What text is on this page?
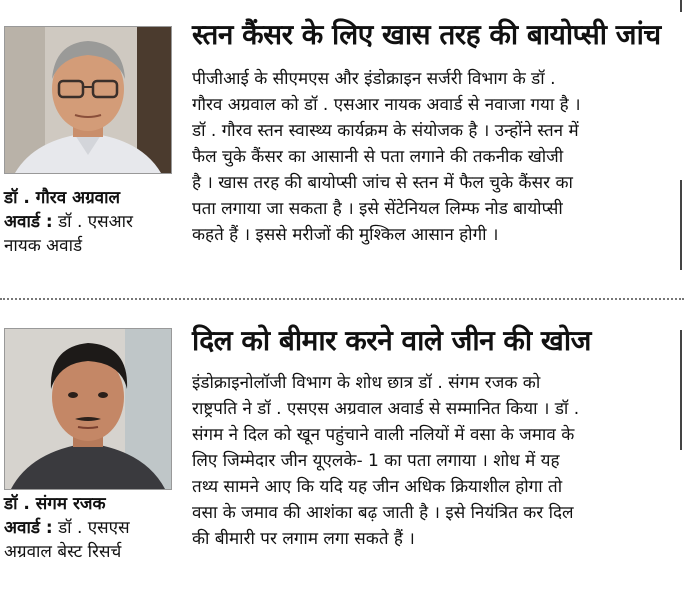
डॉ . गौरव अग्रवाल
अवार्ड : डॉ . एसआर
नायक अवार्ड
स्तन कैंसर के लिए खास तरह की बायोप्सी जांच
पीजीआई के सीएमएस और इंडोक्राइन सर्जरी विभाग के डॉ .
गौरव अग्रवाल को डॉ . एसआर नायक अवार्ड से नवाजा गया है ।
डॉ . गौरव स्तन स्वास्थ्य कार्यक्रम के संयोजक है । उन्होंने स्तन में
फैल चुके कैंसर का आसानी से पता लगाने की तकनीक खोजी
है । खास तरह की बायोप्सी जांच से स्तन में फैल चुके कैंसर का
पता लगाया जा सकता है । इसे सेंटेनियल लिम्फ नोड बायोप्सी
कहते हैं । इससे मरीजों की मुश्किल आसान होगी ।
डॉ . संगम रजक
अवार्ड : डॉ . एसएस
अग्रवाल बेस्ट रिसर्च
दिल को बीमार करने वाले जीन की खोज
इंडोक्राइनोलॉजी विभाग के शोध छात्र डॉ . संगम रजक को
राष्ट्रपति ने डॉ . एसएस अग्रवाल अवार्ड से सम्मानित किया । डॉ .
संगम ने दिल को खून पहुंचाने वाली नलियों में वसा के जमाव के
लिए जिम्मेदार जीन यूएलके- 1 का पता लगाया । शोध में यह
तथ्य सामने आए कि यदि यह जीन अधिक क्रियाशील होगा तो
वसा के जमाव की आशंका बढ़ जाती है । इसे नियंत्रित कर दिल
की बीमारी पर लगाम लगा सकते हैं ।
